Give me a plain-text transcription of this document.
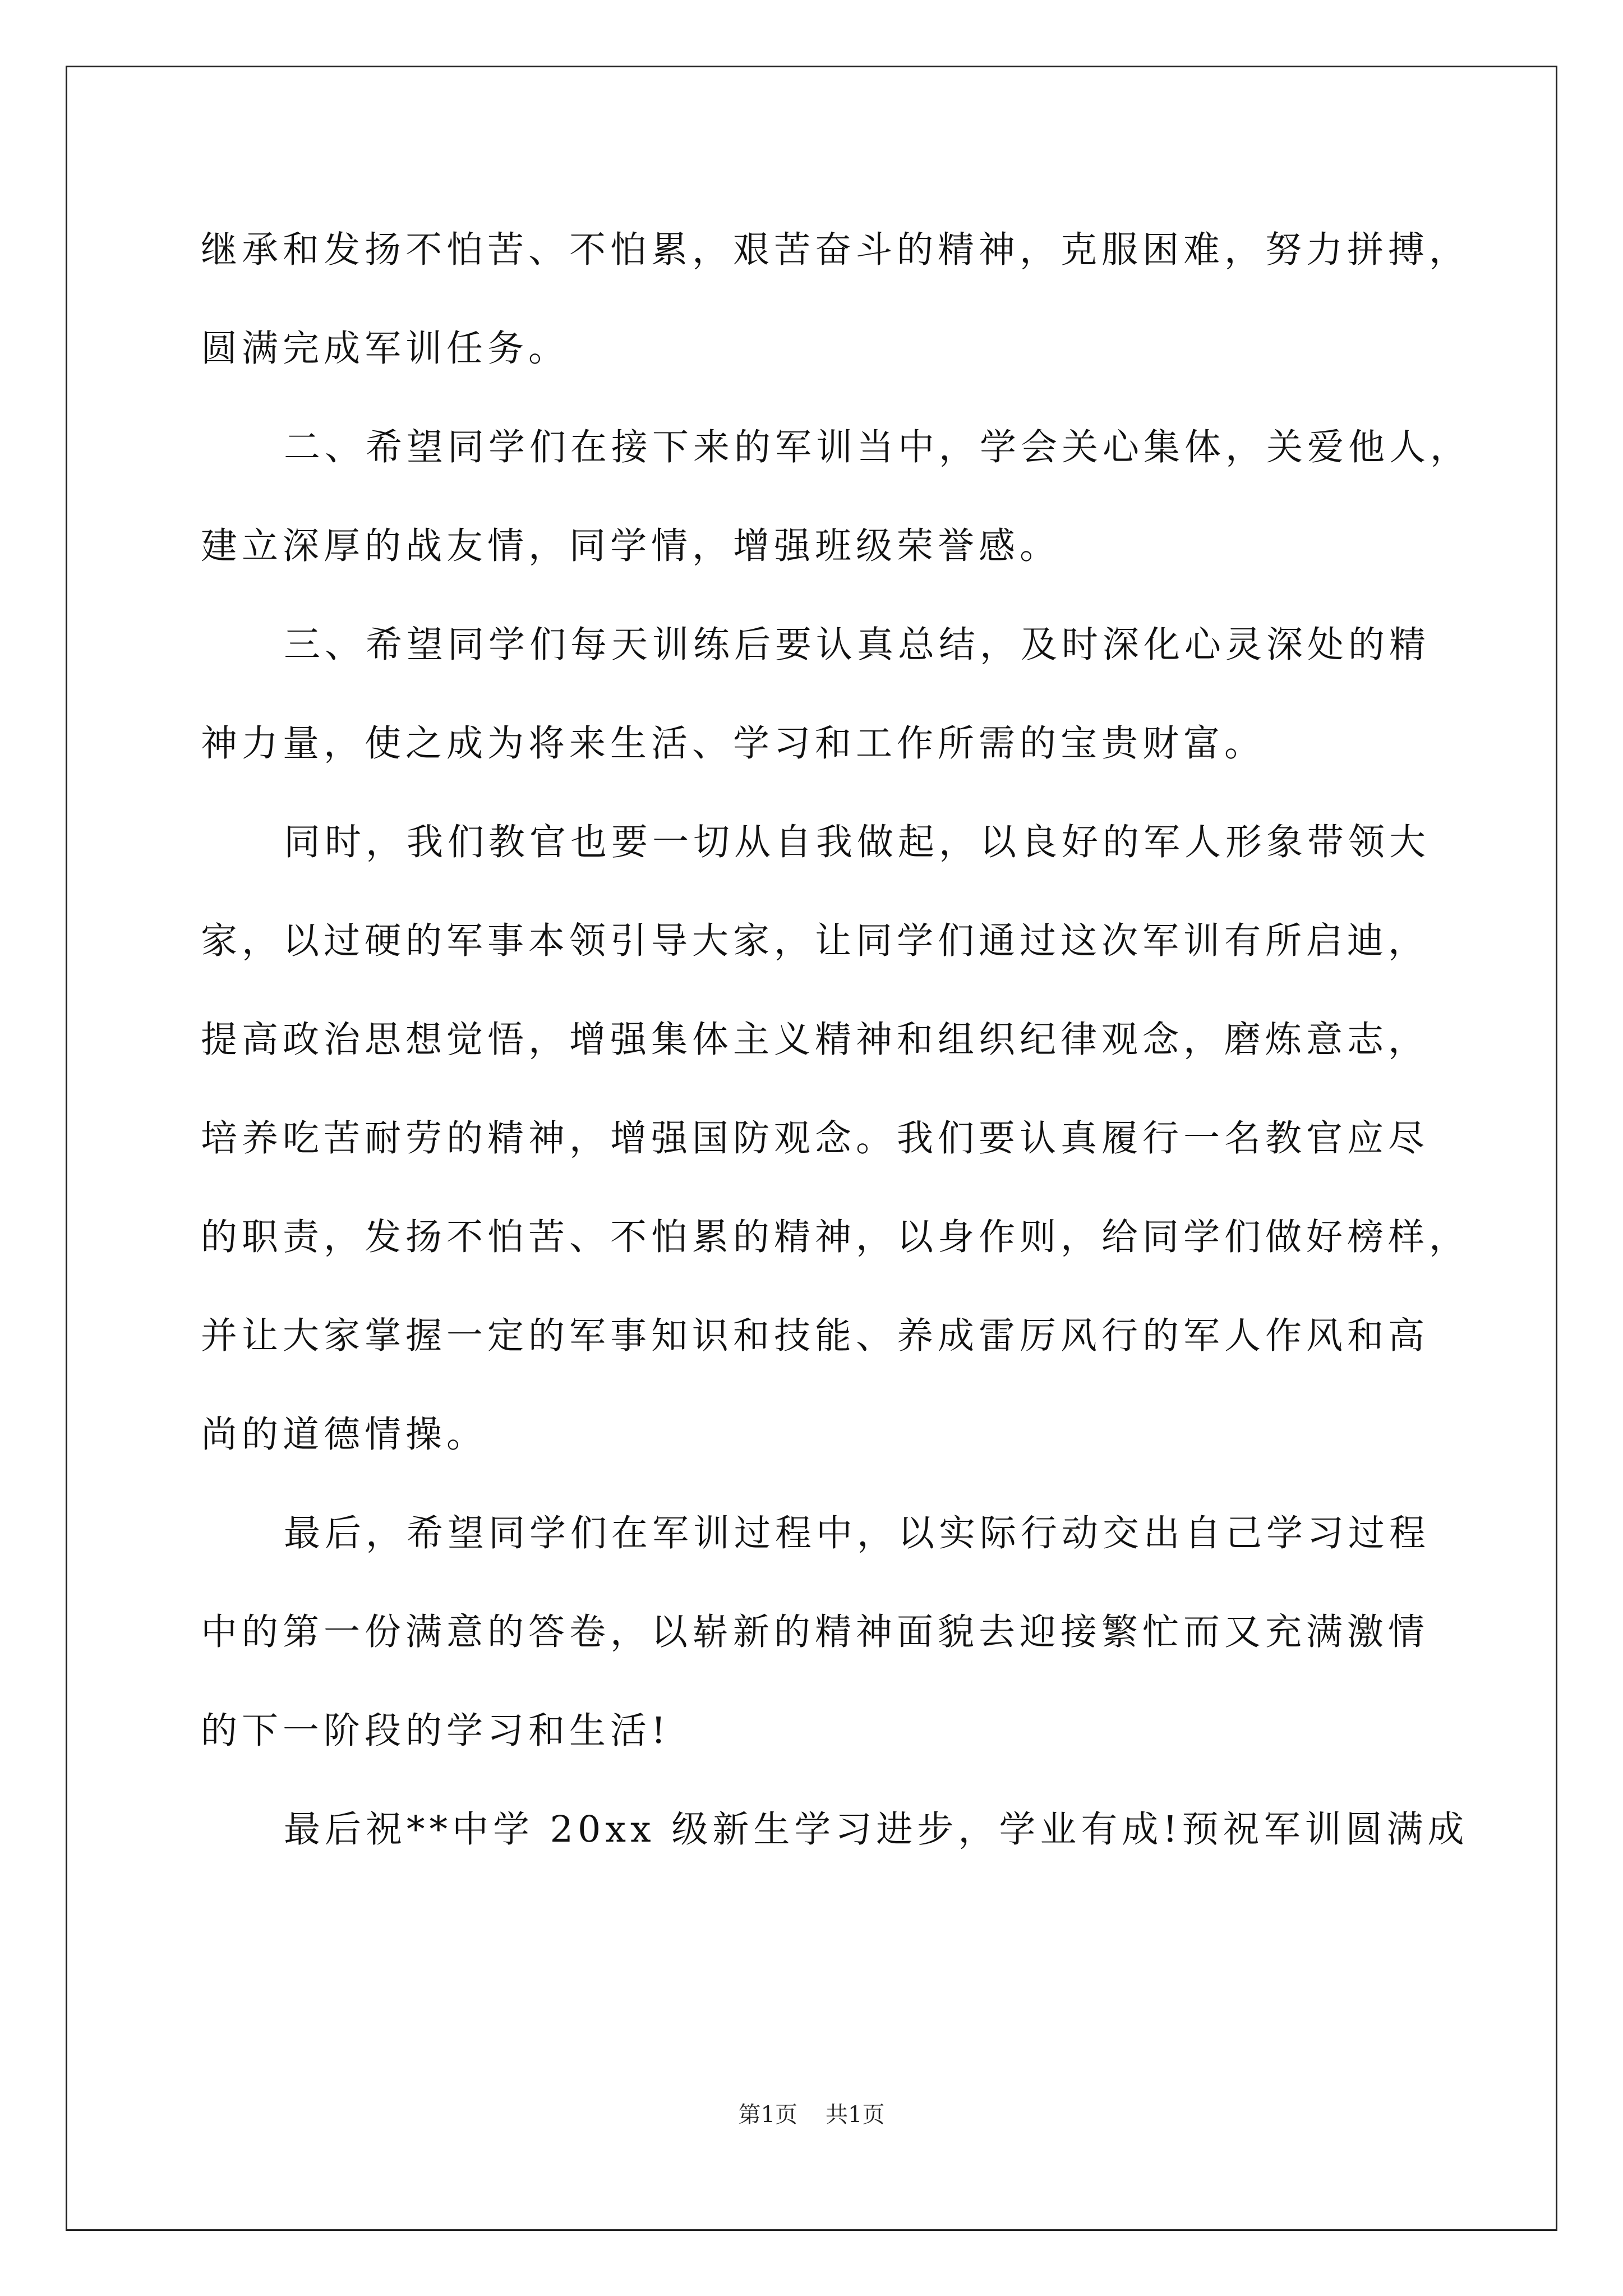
继承和发扬不怕苦、不怕累，艰苦奋斗的精神，克服困难，努力拼搏，
圆满完成军训任务。
二、希望同学们在接下来的军训当中，学会关心集体，关爱他人，
建立深厚的战友情，同学情，增强班级荣誉感。
三、希望同学们每天训练后要认真总结，及时深化心灵深处的精
神力量，使之成为将来生活、学习和工作所需的宝贵财富。
同时，我们教官也要一切从自我做起，以良好的军人形象带领大
家，以过硬的军事本领引导大家，让同学们通过这次军训有所启迪，
提高政治思想觉悟，增强集体主义精神和组织纪律观念，磨炼意志，
培养吃苦耐劳的精神，增强国防观念。我们要认真履行一名教官应尽
的职责，发扬不怕苦、不怕累的精神，以身作则，给同学们做好榜样，
并让大家掌握一定的军事知识和技能、养成雷厉风行的军人作风和高
尚的道德情操。
最后，希望同学们在军训过程中，以实际行动交出自己学习过程
中的第一份满意的答卷，以崭新的精神面貌去迎接繁忙而又充满激情
的下一阶段的学习和生活!
最后祝**中学 20xx 级新生学习进步，学业有成!预祝军训圆满成
第1页 共1页
